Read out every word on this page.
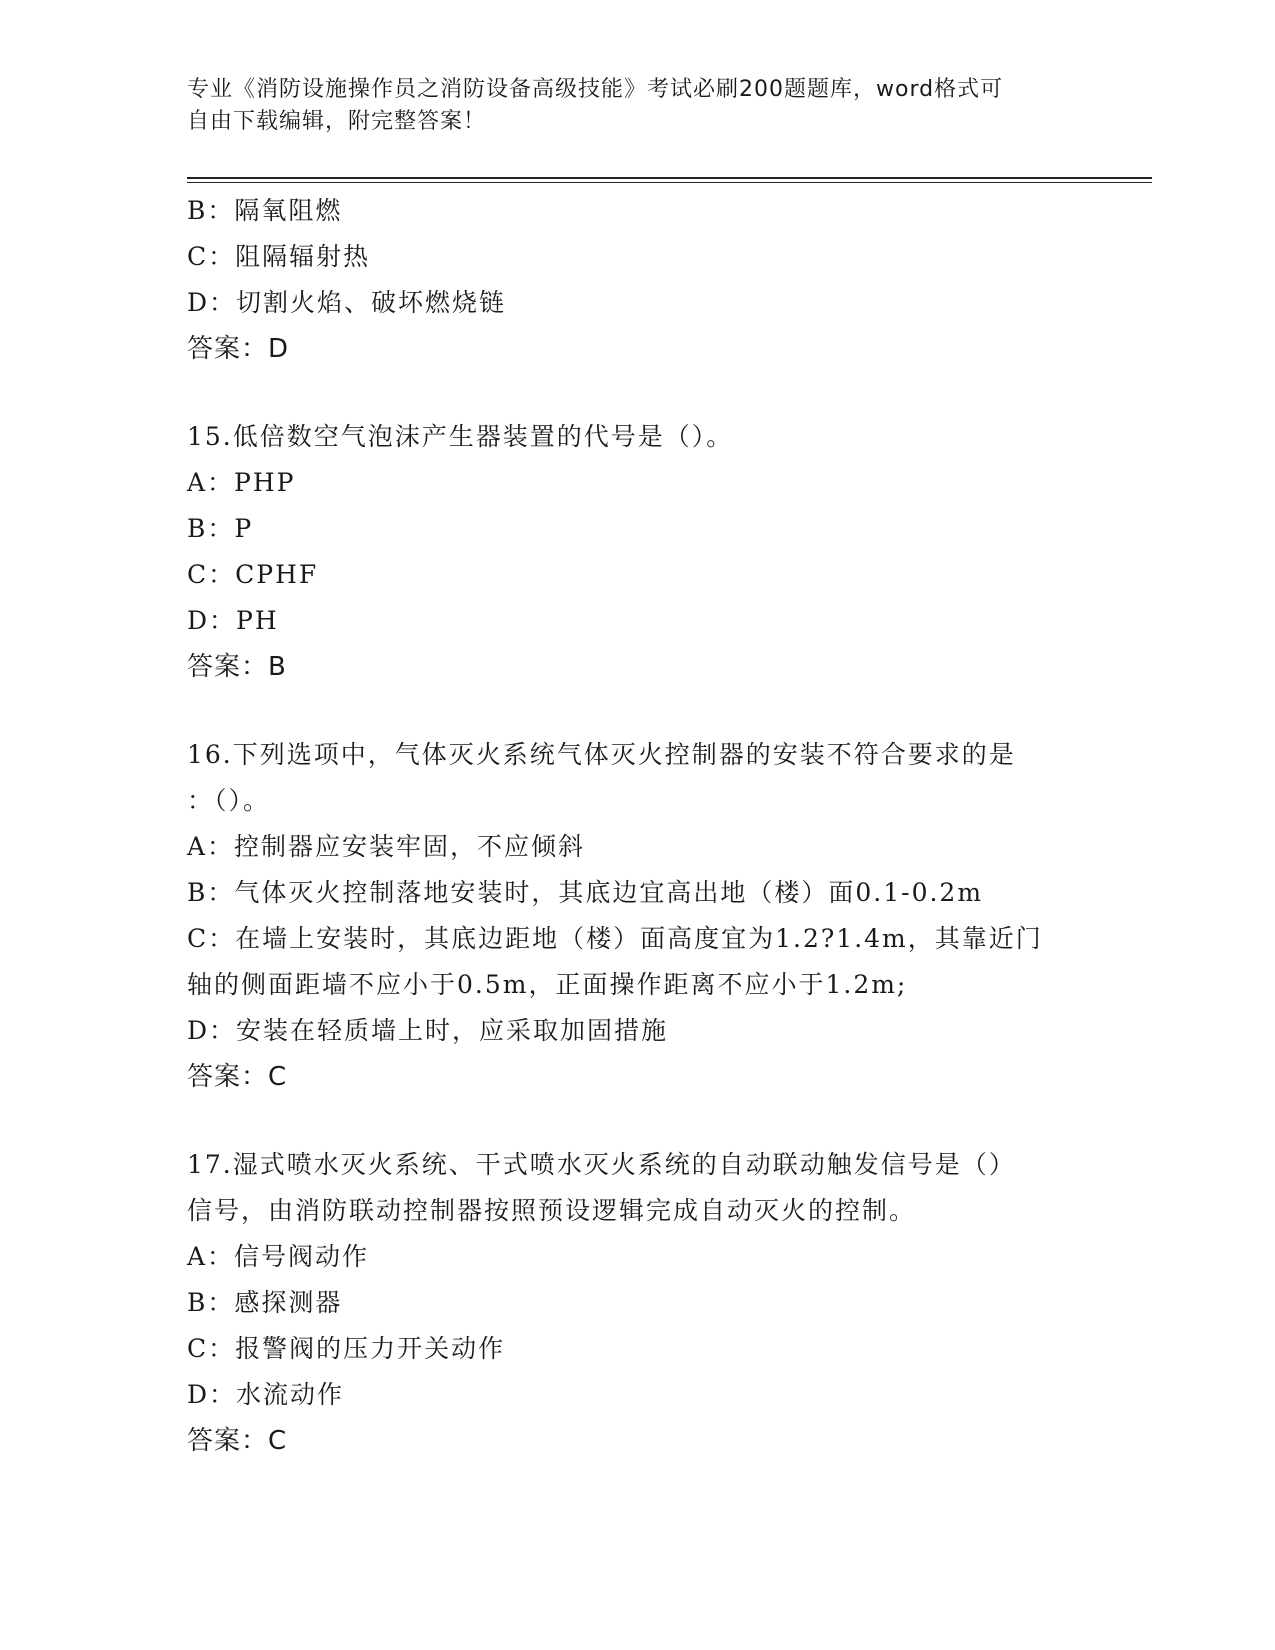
专业《消防设施操作员之消防设备高级技能》考试必刷200题题库，word格式可
自由下载编辑，附完整答案！
B：隔氧阻燃
C：阻隔辐射热
D：切割火焰、破坏燃烧链
答案：D
15.低倍数空气泡沫产生器装置的代号是（）。
A：PHP
B：P
C：CPHF
D：PH
答案：B
16.下列选项中，气体灭火系统气体灭火控制器的安装不符合要求的是
：（）。
A：控制器应安装牢固，不应倾斜
B：气体灭火控制落地安装时，其底边宜高出地（楼）面0.1-0.2m
C：在墙上安装时，其底边距地（楼）面高度宜为1.2?1.4m，其靠近门
轴的侧面距墙不应小于0.5m，正面操作距离不应小于1.2m;
D：安装在轻质墙上时，应采取加固措施
答案：C
17.湿式喷水灭火系统、干式喷水灭火系统的自动联动触发信号是（）
信号，由消防联动控制器按照预设逻辑完成自动灭火的控制。
A：信号阀动作
B：感探测器
C：报警阀的压力开关动作
D：水流动作
答案：C
